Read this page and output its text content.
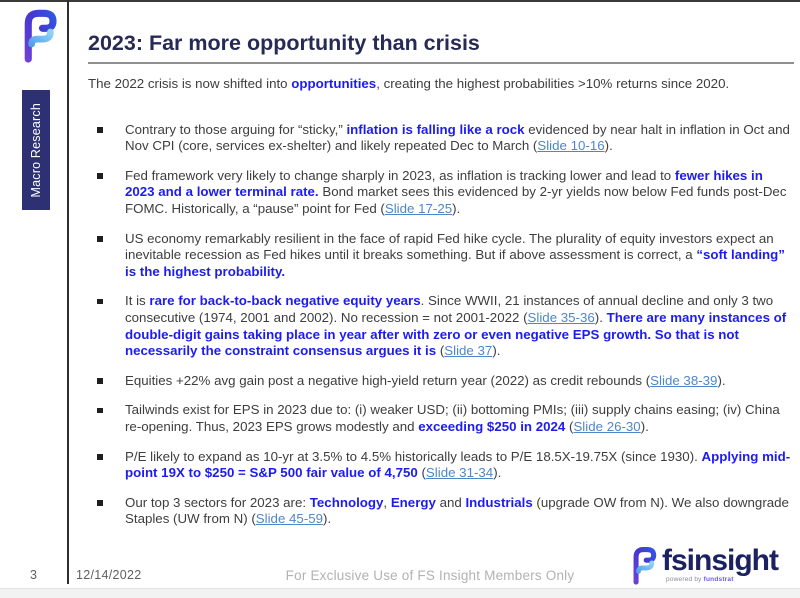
Macro Research
2023: Far more opportunity than crisis

The 2022 crisis is now shifted into opportunities, creating the highest probabilities >10% returns since 2020.

Contrary to those arguing for “sticky,” inflation is falling like a rock evidenced by near halt in inflation in Oct and Nov CPI (core, services ex-shelter) and likely repeated Dec to March (Slide 10-16).
Fed framework very likely to change sharply in 2023, as inflation is tracking lower and lead to fewer hikes in 2023 and a lower terminal rate. Bond market sees this evidenced by 2-yr yields now below Fed funds post-Dec FOMC. Historically, a “pause” point for Fed (Slide 17-25).
US economy remarkably resilient in the face of rapid Fed hike cycle. The plurality of equity investors expect an inevitable recession as Fed hikes until it breaks something. But if above assessment is correct, a “soft landing” is the highest probability.
It is rare for back-to-back negative equity years. Since WWII, 21 instances of annual decline and only 3 two consecutive (1974, 2001 and 2002). No recession = not 2001-2022 (Slide 35-36). There are many instances of double-digit gains taking place in year after with zero or even negative EPS growth. So that is not necessarily the constraint consensus argues it is (Slide 37).
Equities +22% avg gain post a negative high-yield return year (2022) as credit rebounds (Slide 38-39).
Tailwinds exist for EPS in 2023 due to: (i) weaker USD; (ii) bottoming PMIs; (iii) supply chains easing; (iv) China re-opening. Thus, 2023 EPS grows modestly and exceeding $250 in 2024 (Slide 26-30).
P/E likely to expand as 10-yr at 3.5% to 4.5% historically leads to P/E 18.5X-19.75X (since 1930). Applying mid-point 19X to $250 = S&P 500 fair value of 4,750 (Slide 31-34).
Our top 3 sectors for 2023 are: Technology, Energy and Industrials (upgrade OW from N). We also downgrade Staples (UW from N) (Slide 45-59).
3	12/14/2022	For Exclusive Use of FS Insight Members Only	fsinsight
powered by fundstrat
